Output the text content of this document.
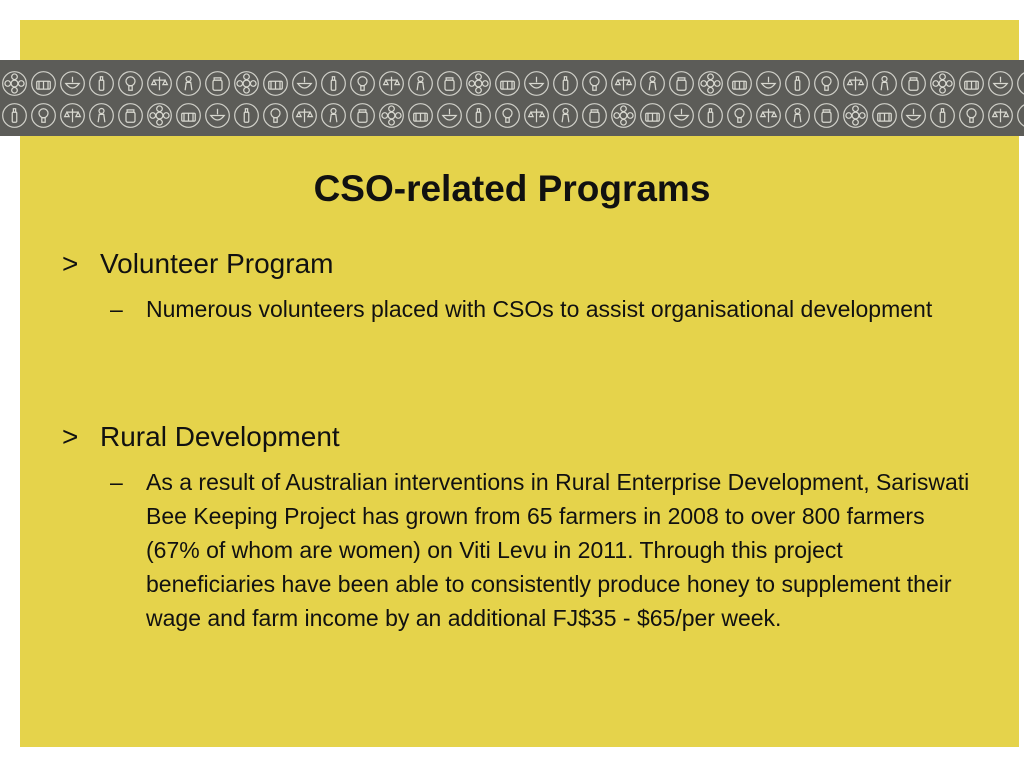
CSO-related Programs
> Volunteer Program
–	Numerous volunteers placed with CSOs to assist organisational development
> Rural Development
–	As a result of Australian interventions in Rural Enterprise Development, Sariswati Bee Keeping Project has grown from 65 farmers in 2008 to over 800 farmers (67% of whom are women) on Viti Levu in 2011. Through this project beneficiaries have been able to consistently produce honey to supplement their wage and farm income by an additional FJ$35 - $65/per week.
